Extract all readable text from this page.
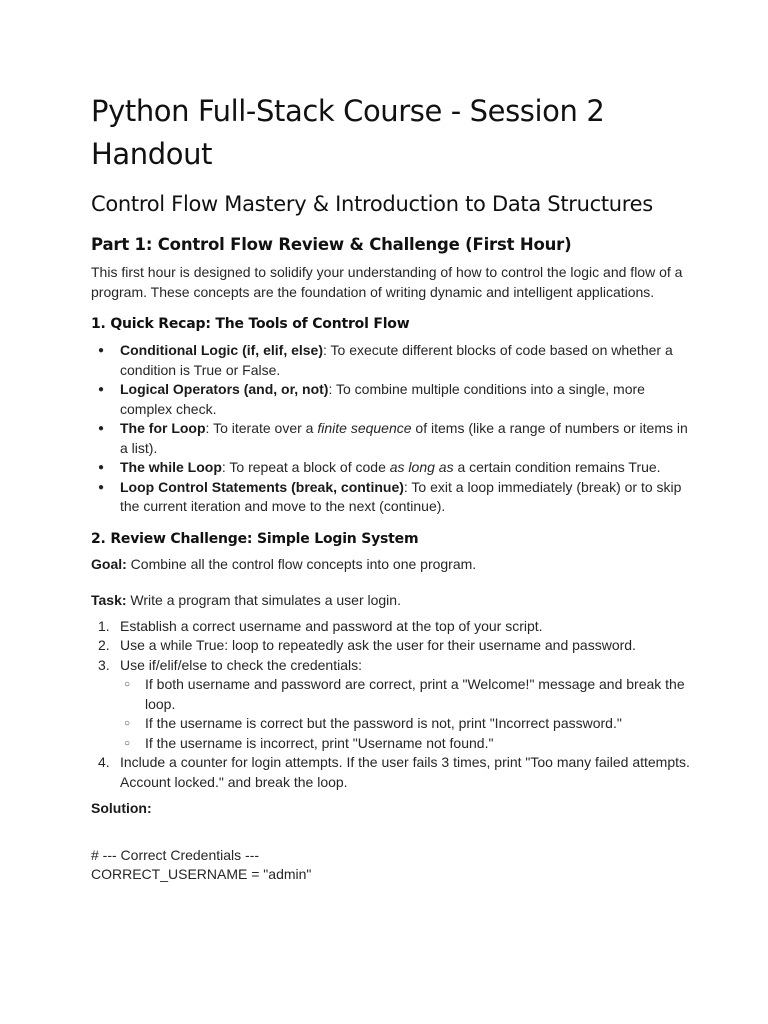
Python Full-Stack Course - Session 2 Handout
Control Flow Mastery & Introduction to Data Structures
Part 1: Control Flow Review & Challenge (First Hour)

This first hour is designed to solidify your understanding of how to control the logic and flow of a program. These concepts are the foundation of writing dynamic and intelligent applications.

1. Quick Recap: The Tools of Control Flow
● Conditional Logic (if, elif, else): To execute different blocks of code based on whether a condition is True or False.
● Logical Operators (and, or, not): To combine multiple conditions into a single, more complex check.
● The for Loop: To iterate over a finite sequence of items (like a range of numbers or items in a list).
● The while Loop: To repeat a block of code as long as a certain condition remains True.
● Loop Control Statements (break, continue): To exit a loop immediately (break) or to skip the current iteration and move to the next (continue).
2. Review Challenge: Simple Login System

Goal: Combine all the control flow concepts into one program.

Task: Write a program that simulates a user login.

1. Establish a correct username and password at the top of your script.
2. Use a while True: loop to repeatedly ask the user for their username and password.
3. Use if/elif/else to check the credentials:
○ If both username and password are correct, print a "Welcome!" message and break the loop.
○ If the username is correct but the password is not, print "Incorrect password."
○ If the username is incorrect, print "Username not found."
4. Include a counter for login attempts. If the user fails 3 times, print "Too many failed attempts. Account locked." and break the loop.

Solution:

# --- Correct Credentials ---
CORRECT_USERNAME = "admin"
